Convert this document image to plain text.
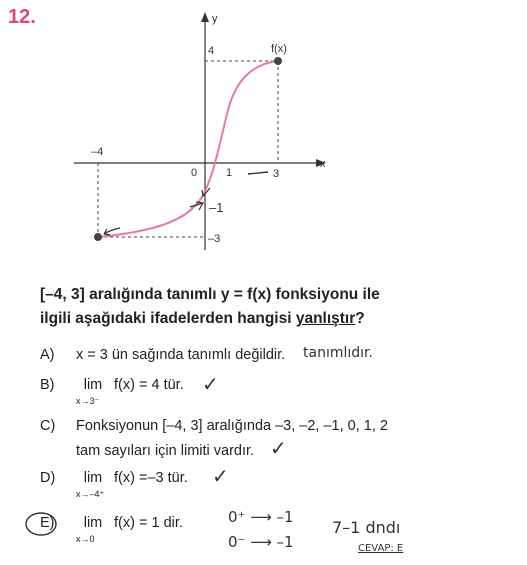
12.	y
x
f(x)
4
–4
0	1	3
–3
–1
[–4, 3] aralığında tanımlı y = f(x) fonksiyonu ile
ilgili aşağıdaki ifadelerden hangisi yanlıştır?
A)	x = 3 ün sağında tanımlı değildir. tanımlıdır.
B)	lim
x→3⁻
f(x) = 4 tür. ✓
C)	Fonksiyonun [–4, 3] aralığında –3, –2, –1, 0, 1, 2
tam sayıları için limiti vardır. ✓
D)	lim
x→–4⁺
f(x) =–3 tür. ✓
E)	lim
x→0
f(x) = 1 dir.	0⁺ ⟶ –1
0⁻ ⟶ –1
7–1 dndı
CEVAP: E
